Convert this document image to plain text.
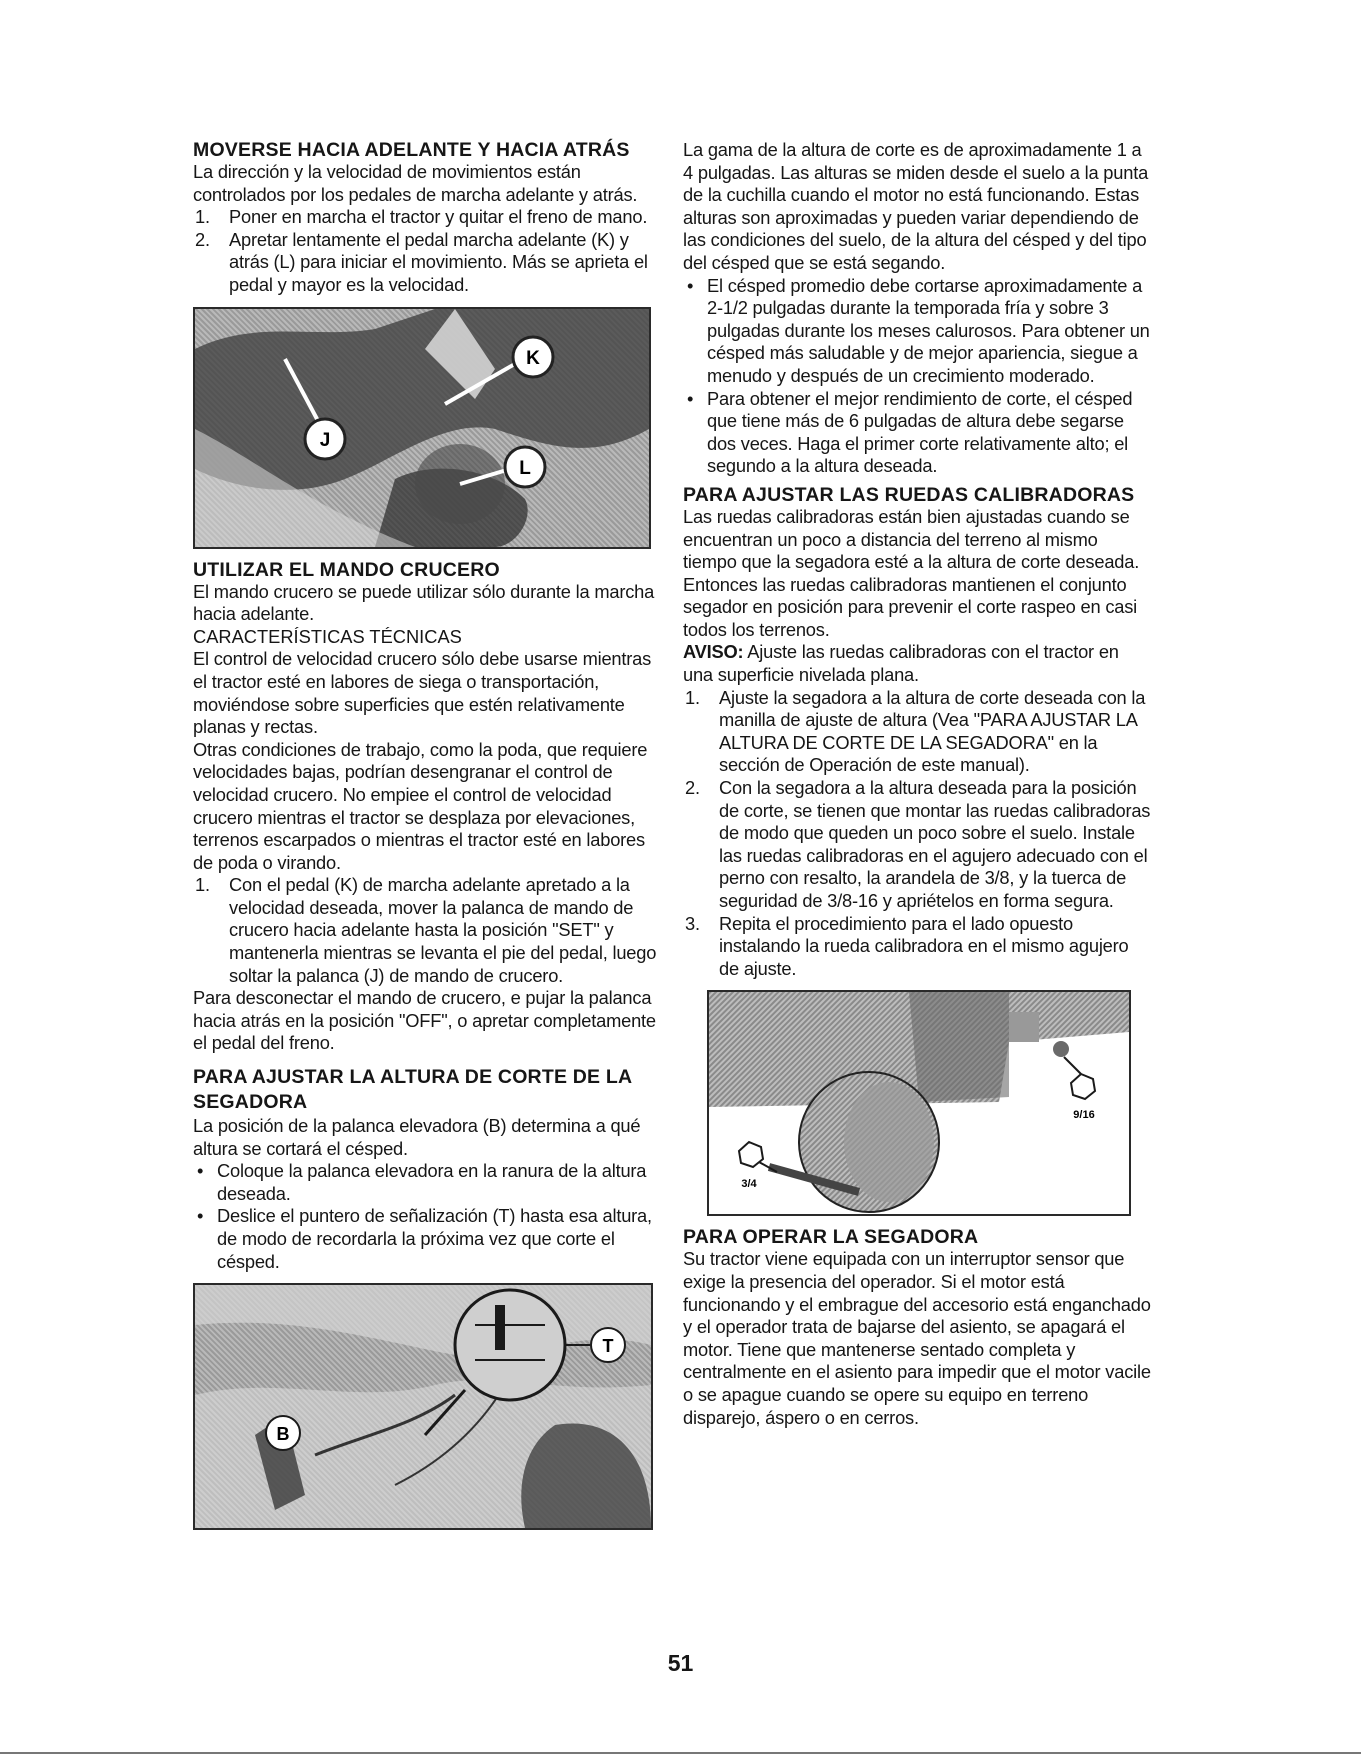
MOVERSE HACIA ADELANTE Y HACIA ATRÁS

La dirección y la velocidad de movimientos están controlados por los pedales de marcha adelante y atrás.

1.	Poner en marcha el tractor y quitar el freno de mano.
2.	Apretar lentamente el pedal marcha adelante (K) y atrás (L) para iniciar el movimiento. Más se aprieta el pedal y mayor es la velocidad.
K
J
L

UTILIZAR EL MANDO CRUCERO

El mando crucero se puede utilizar sólo durante la marcha hacia adelante.

CARACTERÍSTICAS TÉCNICAS

El control de velocidad crucero sólo debe usarse mientras el tractor esté en labores de siega o transportación, moviéndose sobre superficies que estén relativamente planas y rectas.

Otras condiciones de trabajo, como la poda, que requiere velocidades bajas, podrían desengranar el control de velocidad crucero. No empiee el control de velocidad crucero mientras el tractor se desplaza por elevaciones, terrenos escarpados o mientras el tractor esté en labores de poda o virando.

1.	Con el pedal (K) de marcha adelante apretado a la velocidad deseada, mover la palanca de mando de crucero hacia adelante hasta la posición "SET" y mantenerla mientras se levanta el pie del pedal, luego soltar la palanca (J) de mando de crucero.

Para desconectar el mando de crucero, e pujar la palanca hacia atrás en la posición "OFF", o apretar completamente el pedal del freno.

PARA AJUSTAR LA ALTURA DE CORTE DE LA SEGADORA

La posición de la palanca elevadora (B) determina a qué altura se cortará el césped.

• Coloque la palanca elevadora en la ranura de la altura deseada.
• Deslice el puntero de señalización (T) hasta esa altura, de modo de recordarla la próxima vez que corte el césped.
T
B

La gama de la altura de corte es de aproximadamente 1 a 4 pulgadas. Las alturas se miden desde el suelo a la punta de la cuchilla cuando el motor no está funcionando. Estas alturas son aproximadas y pueden variar dependiendo de las condiciones del suelo, de la altura del césped y del tipo del césped que se está segando.

• El césped promedio debe cortarse aproximadamente a 2-1/2 pulgadas durante la temporada fría y sobre 3 pulgadas durante los meses calurosos. Para obtener un césped más saludable y de mejor apariencia, siegue a menudo y después de un crecimiento moderado.
• Para obtener el mejor rendimiento de corte, el césped que tiene más de 6 pulgadas de altura debe segarse dos veces. Haga el primer corte relativamente alto; el segundo a la altura deseada.

PARA AJUSTAR LAS RUEDAS CALIBRADORAS

Las ruedas calibradoras están bien ajustadas cuando se encuentran un poco a distancia del terreno al mismo tiempo que la segadora esté a la altura de corte deseada. Entonces las ruedas calibradoras mantienen el conjunto segador en posición para prevenir el corte raspeo en casi todos los terrenos.

AVISO: Ajuste las ruedas calibradoras con el tractor en una superficie nivelada plana.

1.	Ajuste la segadora a la altura de corte deseada con la manilla de ajuste de altura (Vea "PARA AJUSTAR LA ALTURA DE CORTE DE LA SEGADORA" en la sección de Operación de este manual).
2.	Con la segadora a la altura deseada para la posición de corte, se tienen que montar las ruedas calibradoras de modo que queden un poco sobre el suelo. Instale las ruedas calibradoras en el agujero adecuado con el perno con resalto, la arandela de 3/8, y la tuerca de seguridad de 3/8-16 y apriételos en forma segura.
3.	Repita el procedimiento para el lado opuesto instalando la rueda calibradora en el mismo agujero de ajuste.
9/16
3/4

PARA OPERAR LA SEGADORA

Su tractor viene equipada con un interruptor sensor que exige la presencia del operador. Si el motor está funcionando y el embrague del accesorio está enganchado y el operador trata de bajarse del asiento, se apagará el motor. Tiene que mantenerse sentado completa y centralmente en el asiento para impedir que el motor vacile o se apague cuando se opere su equipo en terreno disparejo, áspero o en cerros.

51
